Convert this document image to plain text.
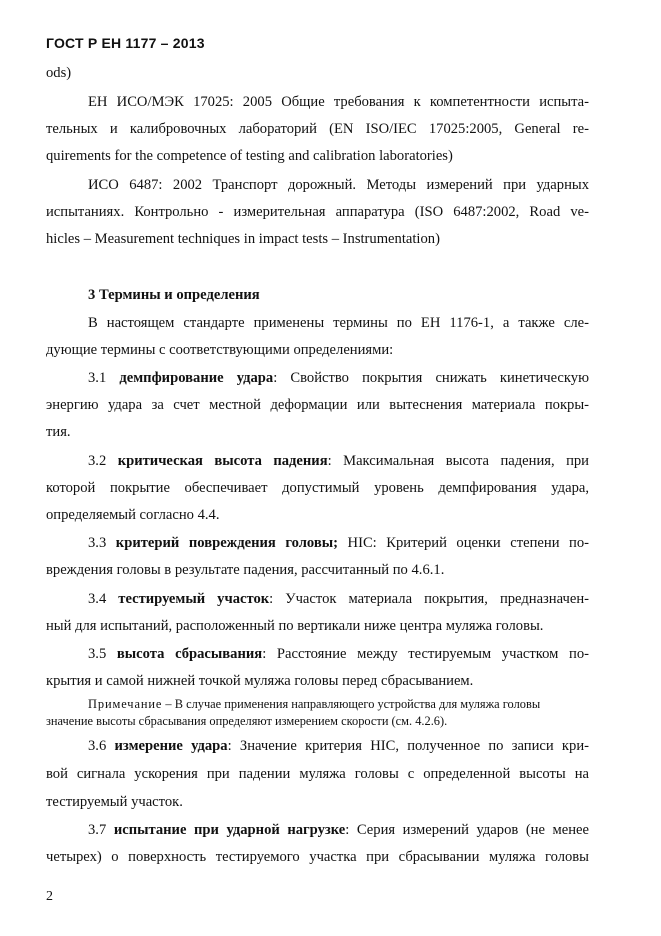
ГОСТ Р ЕН 1177 – 2013
ods)
ЕН ИСО/МЭК 17025: 2005 Общие требования к компетентности испыта-
тельных и калибровочных лабораторий (EN ISO/IEC 17025:2005, General re-
quirements for the competence of testing and calibration laboratories)
ИСО 6487: 2002 Транспорт дорожный. Методы измерений при ударных
испытаниях. Контрольно - измерительная аппаратура (ISO 6487:2002, Road ve-
hicles – Measurement techniques in impact tests – Instrumentation)
3 Термины и определения
В настоящем стандарте применены термины по ЕН 1176-1, а также сле-
дующие термины с соответствующими определениями:
3.1 демпфирование удара: Свойство покрытия снижать кинетическую
энергию удара за счет местной деформации или вытеснения материала покры-
тия.
3.2 критическая высота падения: Максимальная высота падения, при
которой покрытие обеспечивает допустимый уровень демпфирования удара,
определяемый согласно 4.4.
3.3 критерий повреждения головы; HIC: Критерий оценки степени по-
вреждения головы в результате падения, рассчитанный по 4.6.1.
3.4 тестируемый участок: Участок материала покрытия, предназначен-
ный для испытаний, расположенный по вертикали ниже центра муляжа головы.
3.5 высота сбрасывания: Расстояние между тестируемым участком по-
крытия и самой нижней точкой муляжа головы перед сбрасыванием.
Примечание – В случае применения направляющего устройства для муляжа головы
значение высоты сбрасывания определяют измерением скорости (см. 4.2.6).
3.6 измерение удара: Значение критерия HIC, полученное по записи кри-
вой сигнала ускорения при падении муляжа головы с определенной высоты на
тестируемый участок.
3.7 испытание при ударной нагрузке: Серия измерений ударов (не менее
четырех) о поверхность тестируемого участка при сбрасывании муляжа головы
2
